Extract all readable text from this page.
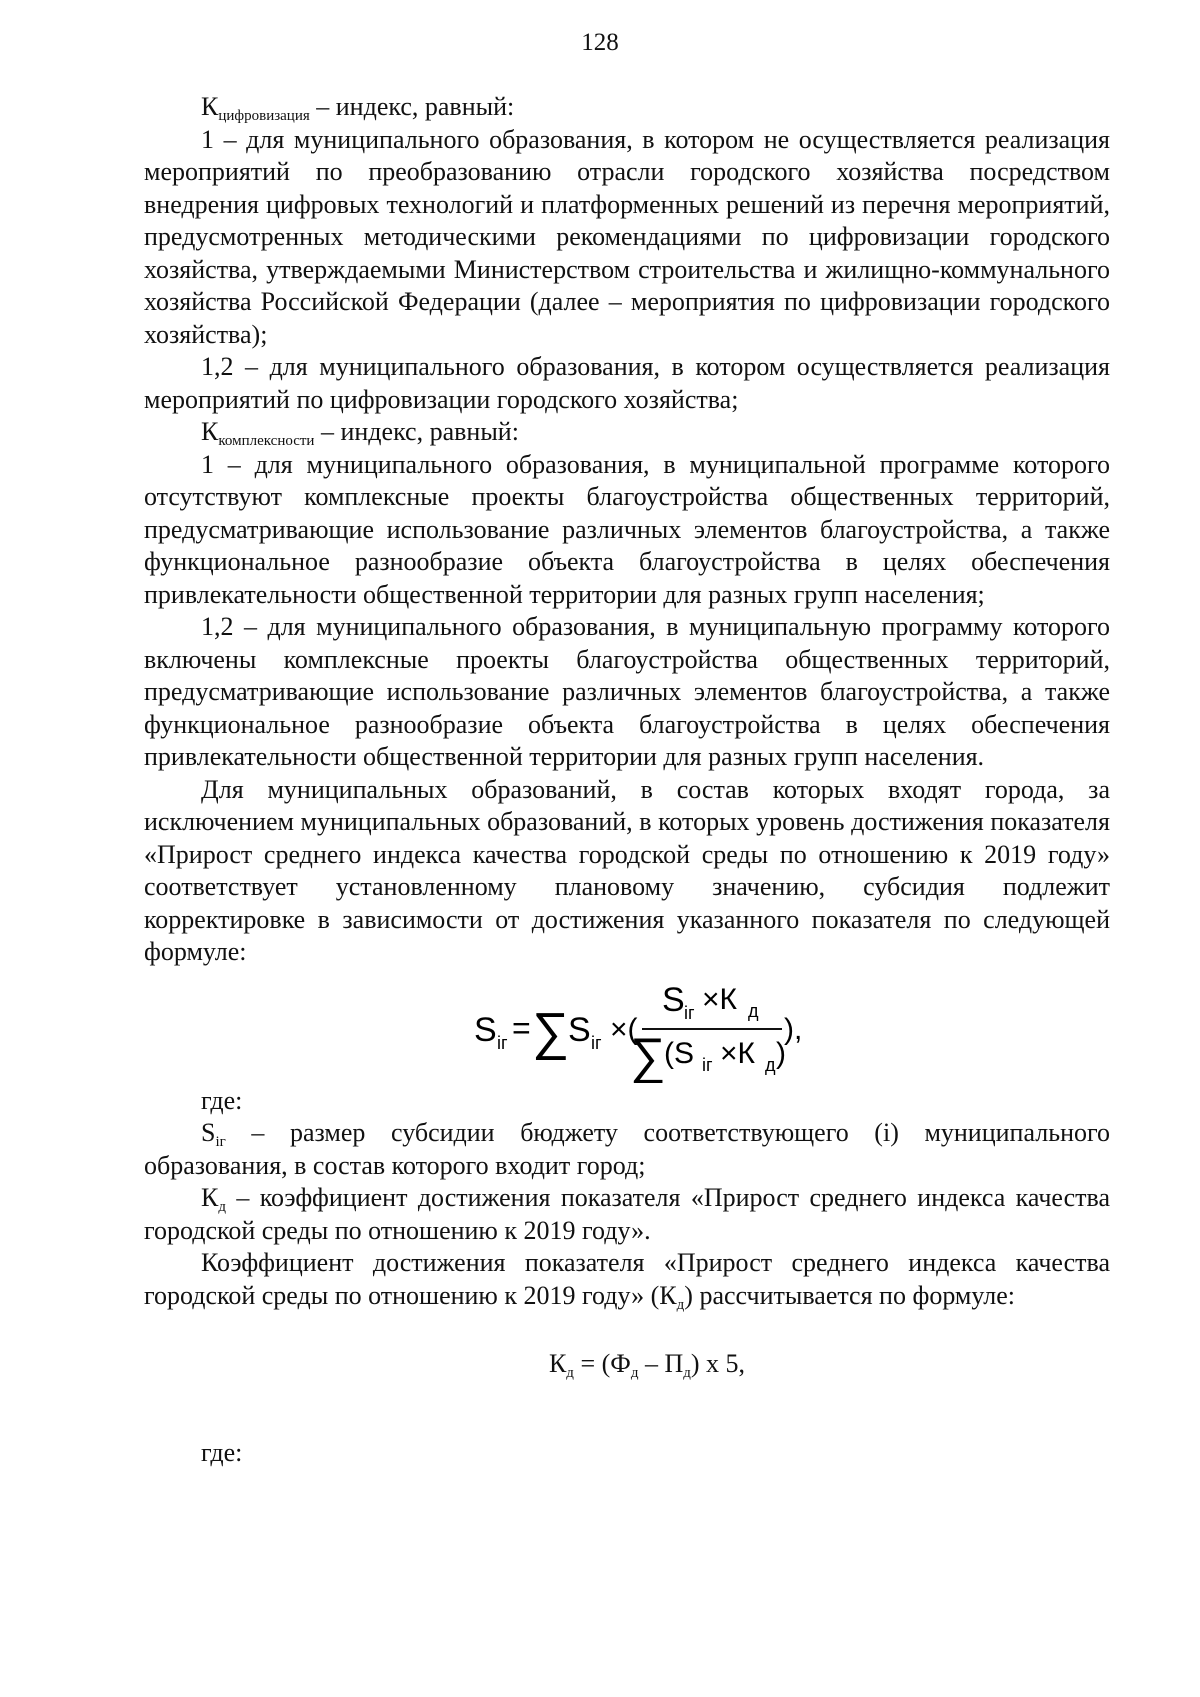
128

$К_{цифровизация}$ – индекс, равный:

1 – для муниципального образования, в котором не осуществляется реализация мероприятий по преобразованию отрасли городского хозяйства посредством внедрения цифровых технологий и платформенных решений из перечня мероприятий, предусмотренных методическими рекомендациями по цифровизации городского хозяйства, утверждаемыми Министерством строительства и жилищно-коммунального хозяйства Российской Федерации (далее – мероприятия по цифровизации городского хозяйства);

1,2 – для муниципального образования, в котором осуществляется реализация мероприятий по цифровизации городского хозяйства;

$К_{комплексности}$ – индекс, равный:

1 – для муниципального образования, в муниципальной программе которого отсутствуют комплексные проекты благоустройства общественных территорий, предусматривающие использование различных элементов благоустройства, а также функциональное разнообразие объекта благоустройства в целях обеспечения привлекательности общественной территории для разных групп населения;

1,2 – для муниципального образования, в муниципальную программу которого включены комплексные проекты благоустройства общественных территорий, предусматривающие использование различных элементов благоустройства, а также функциональное разнообразие объекта благоустройства в целях обеспечения привлекательности общественной территории для разных групп населения.

Для муниципальных образований, в состав которых входят города, за исключением муниципальных образований, в которых уровень достижения показателя «Прирост среднего индекса качества городской среды по отношению к 2019 году» соответствует установленному плановому значению, субсидия подлежит корректировке в зависимости от достижения указанного показателя по следующей формуле:

S іг = ∑
S іг ×(
S іг ×К д
∑
(S іг ×К д )
),

где:

$S_{iг}$ – размер субсидии бюджету соответствующего (i) муниципального образования, в состав которого входит город;

$К_д$ – коэффициент достижения показателя «Прирост среднего индекса качества городской среды по отношению к 2019 году».

Коэффициент достижения показателя «Прирост среднего индекса качества городской среды по отношению к 2019 году» $(К_д)$ рассчитывается по формуле:

$К_д = (Ф_д - П_д)$ х 5,

где:
